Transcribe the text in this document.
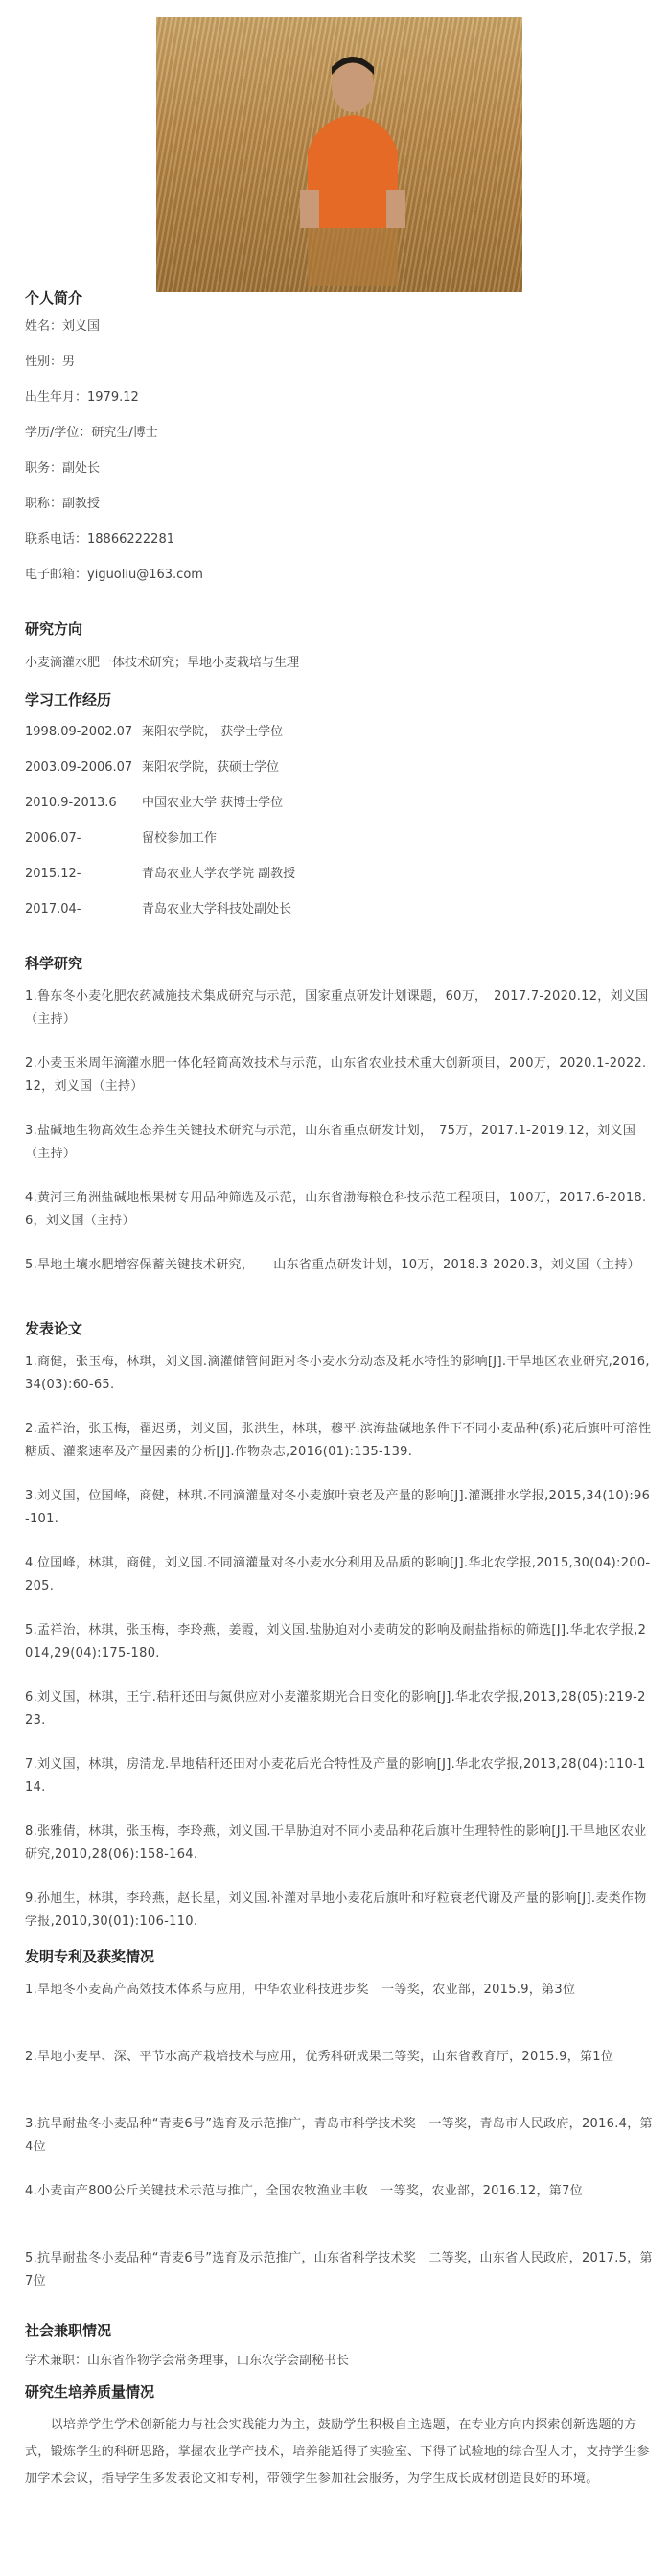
个人简介
姓名：刘义国
性别：男
出生年月：1979.12
学历/学位：研究生/博士
职务：副处长
职称：副教授
联系电话：18866222281
电子邮箱：yiguoliu@163.com
研究方向
小麦滴灌水肥一体技术研究；旱地小麦栽培与生理
学习工作经历
1998.09-2002.07 莱阳农学院， 获学士学位
2003.09-2006.07 莱阳农学院，获硕士学位
2010.9-2013.6	中国农业大学 获博士学位
2006.07-	留校参加工作
2015.12-	青岛农业大学农学院 副教授
2017.04-	青岛农业大学科技处副处长
科学研究
1.鲁东冬小麦化肥农药减施技术集成研究与示范，国家重点研发计划课题，60万，　2017.7-2020.12，刘义国（主持）
2.小麦玉米周年滴灌水肥一体化轻简高效技术与示范，山东省农业技术重大创新项目，200万，2020.1-2022.12，刘义国（主持）
3.盐碱地生物高效生态养生关键技术研究与示范，山东省重点研发计划，　75万，2017.1-2019.12，刘义国（主持）
4.黄河三角洲盐碱地根果树专用品种筛选及示范，山东省渤海粮仓科技示范工程项目，100万，2017.6-2018.6，刘义国（主持）
5.旱地土壤水肥增容保蓄关键技术研究，　　山东省重点研发计划，10万，2018.3-2020.3，刘义国（主持）
发表论文
1.商健，张玉梅，林琪，刘义国.滴灌储管间距对冬小麦水分动态及耗水特性的影响[J].干旱地区农业研究,2016,34(03):60-65.
2.孟祥治，张玉梅，翟迟勇，刘义国，张洪生，林琪，穆平.滨海盐碱地条件下不同小麦品种(系)花后旗叶可溶性糖质、灌浆速率及产量因素的分析[J].作物杂志,2016(01):135-139.
3.刘义国，位国峰，商健，林琪.不同滴灌量对冬小麦旗叶衰老及产量的影响[J].灌溉排水学报,2015,34(10):96-101.
4.位国峰，林琪，商健，刘义国.不同滴灌量对冬小麦水分利用及品质的影响[J].华北农学报,2015,30(04):200-205.
5.孟祥治，林琪，张玉梅，李玲燕，姜霞，刘义国.盐胁迫对小麦萌发的影响及耐盐指标的筛选[J].华北农学报,2014,29(04):175-180.
6.刘义国，林琪，王宁.秸秆还田与氮供应对小麦灌浆期光合日变化的影响[J].华北农学报,2013,28(05):219-223.
7.刘义国，林琪，房清龙.旱地秸秆还田对小麦花后光合特性及产量的影响[J].华北农学报,2013,28(04):110-114.
8.张雅倩，林琪，张玉梅，李玲燕，刘义国.干旱胁迫对不同小麦品种花后旗叶生理特性的影响[J].干旱地区农业研究,2010,28(06):158-164.
9.孙旭生，林琪，李玲燕，赵长星，刘义国.补灌对旱地小麦花后旗叶和籽粒衰老代谢及产量的影响[J].麦类作物学报,2010,30(01):106-110.
发明专利及获奖情况
1.旱地冬小麦高产高效技术体系与应用，中华农业科技进步奖　一等奖，农业部，2015.9，第3位
2.旱地小麦早、深、平节水高产栽培技术与应用，优秀科研成果二等奖，山东省教育厅，2015.9，第1位
3.抗旱耐盐冬小麦品种“青麦6号”选育及示范推广，青岛市科学技术奖　一等奖，青岛市人民政府，2016.4，第4位
4.小麦亩产800公斤关键技术示范与推广，全国农牧渔业丰收　一等奖，农业部，2016.12，第7位
5.抗旱耐盐冬小麦品种“青麦6号”选育及示范推广，山东省科学技术奖　二等奖，山东省人民政府，2017.5，第7位
社会兼职情况
学术兼职：山东省作物学会常务理事，山东农学会副秘书长
研究生培养质量情况
　　以培养学生学术创新能力与社会实践能力为主，鼓励学生积极自主选题，在专业方向内探索创新选题的方式，锻炼学生的科研思路，掌握农业学产技术，培养能适得了实验室、下得了试验地的综合型人才，支持学生参加学术会议，指导学生多发表论文和专利，带领学生参加社会服务，为学生成长成材创造良好的环境。
